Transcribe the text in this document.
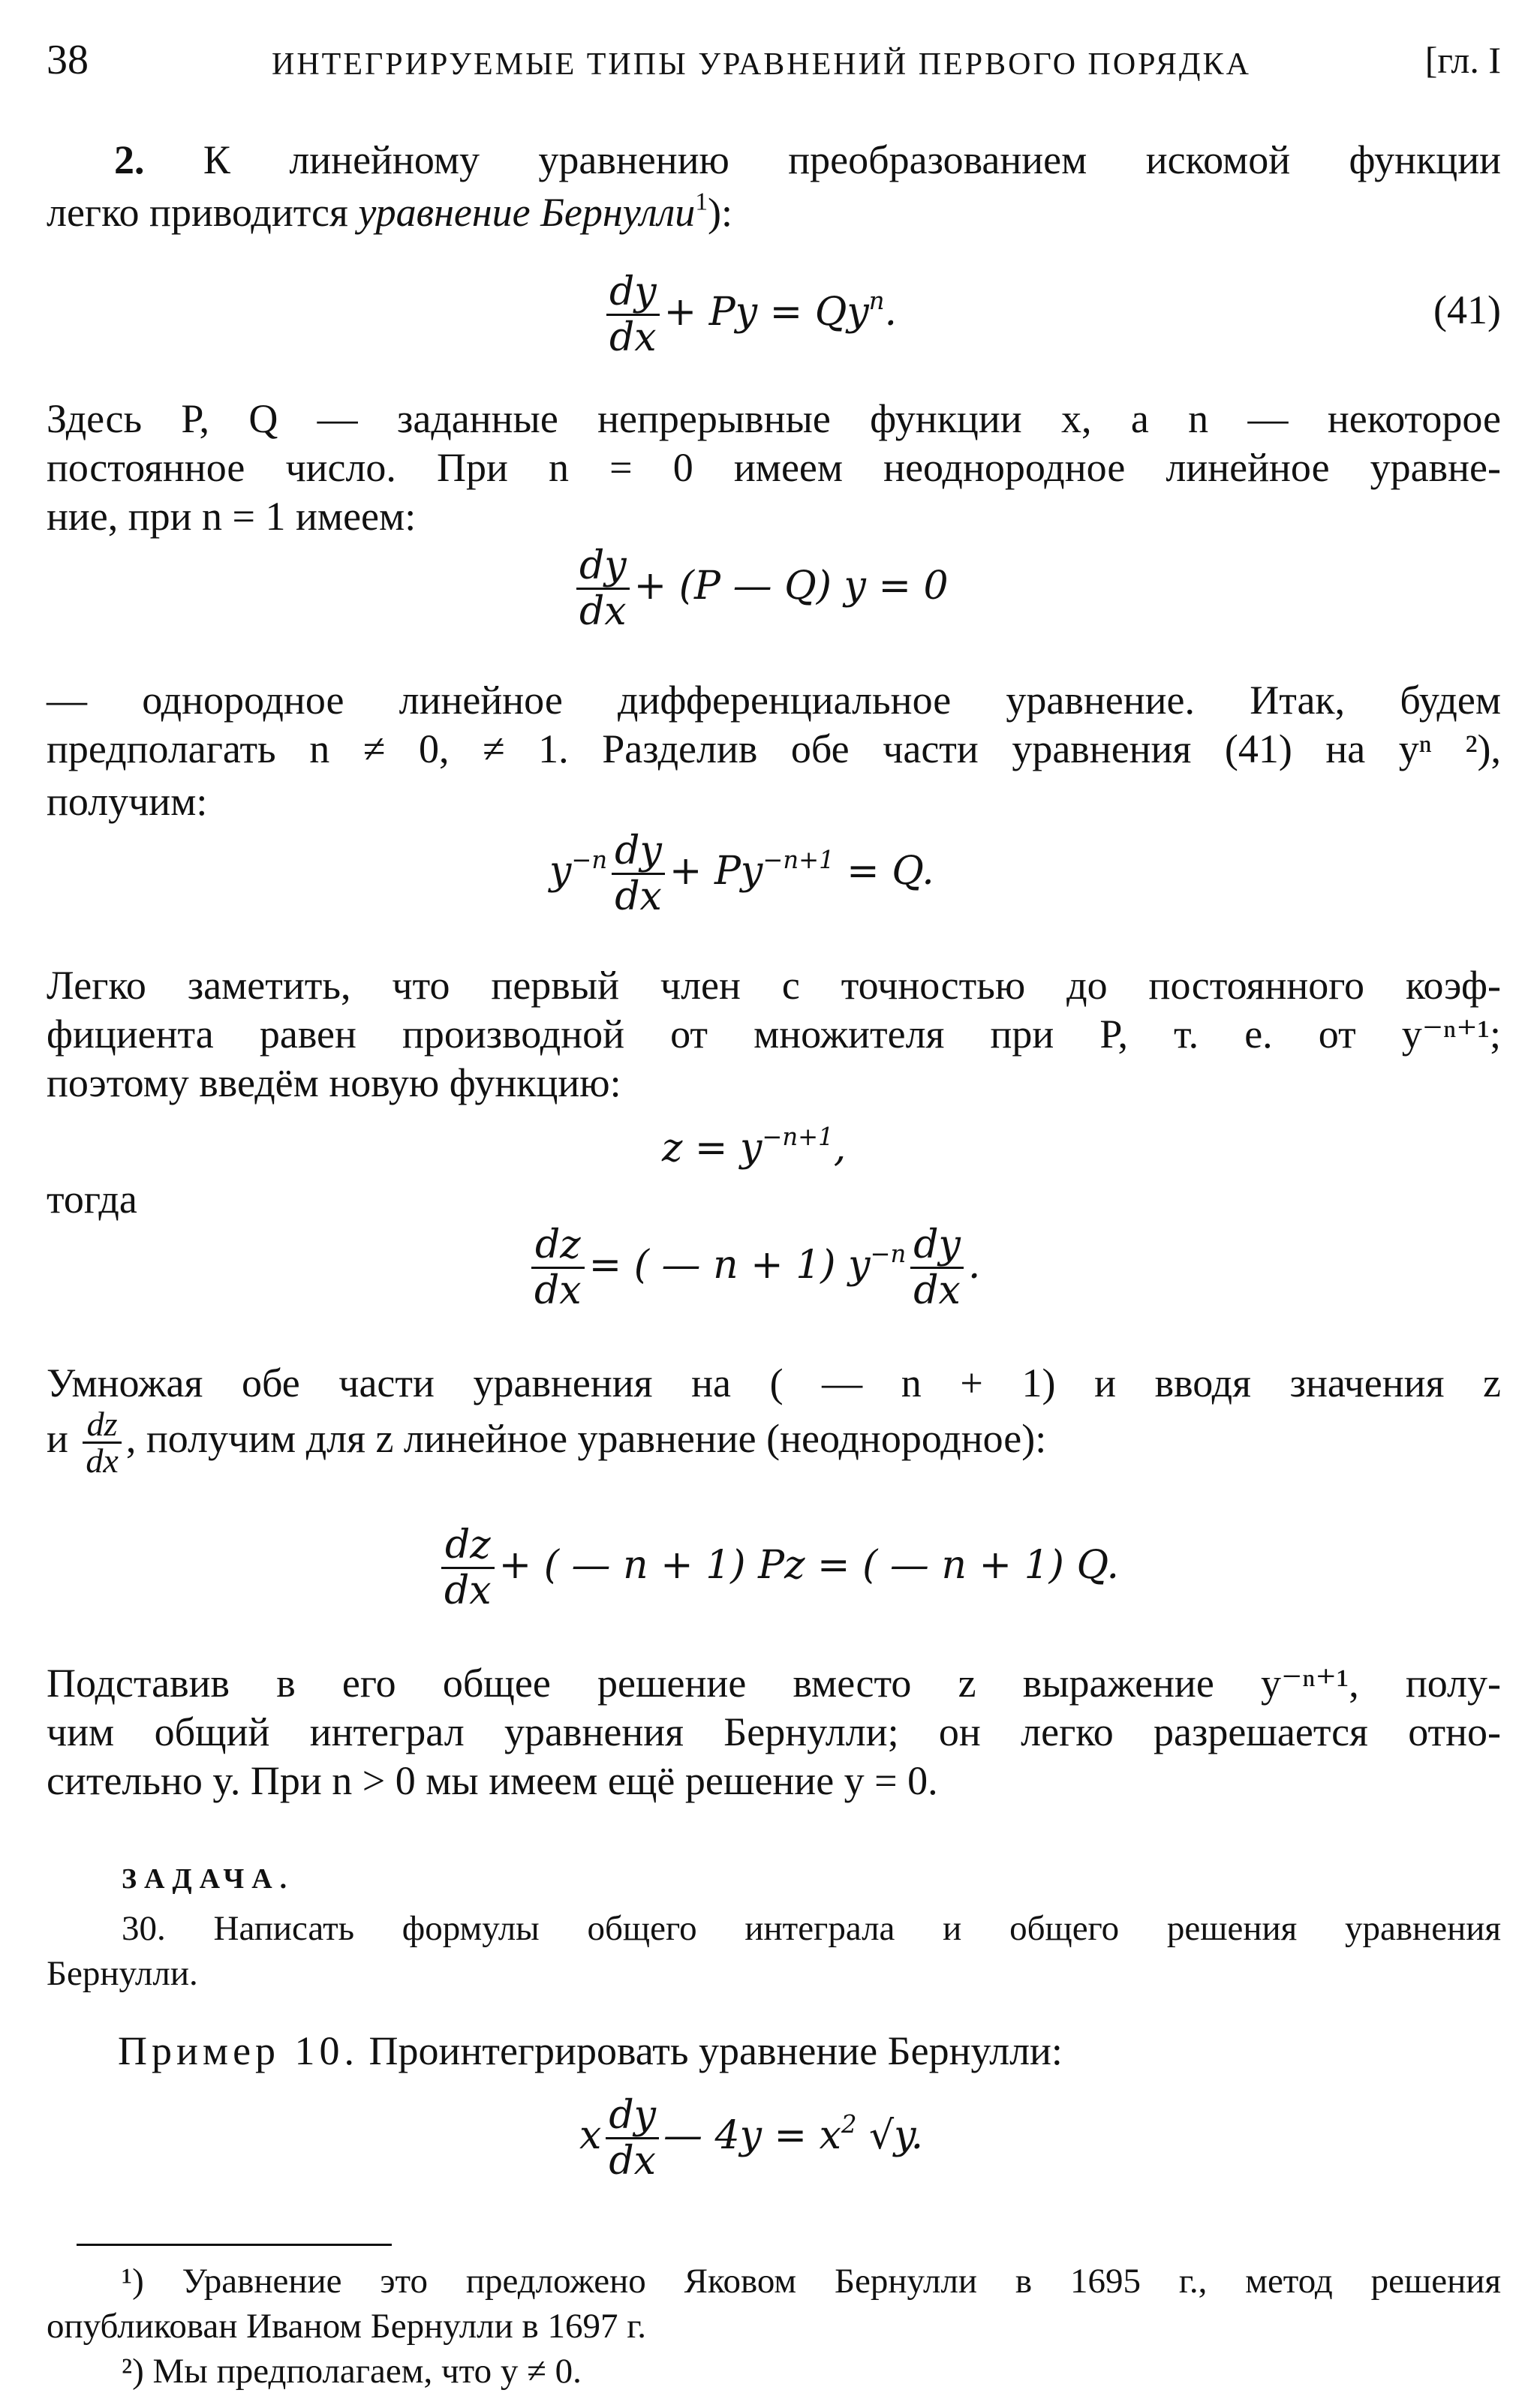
38	ИНТЕГРИРУЕМЫЕ ТИПЫ УРАВНЕНИЙ ПЕРВОГО ПОРЯДКА	[гл. I
2. К линейному уравнению преобразованием искомой функции
легко приводится уравнение Бернулли$^1$):
$\frac{dy}{dx} + Py = Qy^n$.	(41)
Здесь P, Q — заданные непрерывные функции x, а n — некоторое
постоянное число. При n = 0 имеем неоднородное линейное уравне-
ние, при n = 1 имеем:
$\frac{dy}{dx} + (P$ — Q) y = 0
— однородное линейное дифференциальное уравнение. Итак, будем
предполагать n ≠ 0, ≠ 1. Разделив обе части уравнения (41) на yⁿ ²),
получим:
$y^{-n} \frac{dy}{dx} + Py^{-n+1} = Q$.
Легко заметить, что первый член с точностью до постоянного коэф-
фициента равен производной от множителя при P, т. е. от y⁻ⁿ⁺¹;
поэтому введём новую функцию:
$z = y^{-n+1}$,
тогда
$\frac{dz}{dx}$ = ( — n + 1) $y^{-n} \frac{dy}{dx}$ .
Умножая обе части уравнения на ( — n + 1) и вводя значения z
и $\frac{dz}{dx}$ , получим для z линейное уравнение (неоднородное):
$\frac{dz}{dx}$ + ( — n + 1) Pz = ( — n + 1) Q.
Подставив в его общее решение вместо z выражение y⁻ⁿ⁺¹, полу-
чим общий интеграл уравнения Бернулли; он легко разрешается отно-
сительно y. При n > 0 мы имеем ещё решение y = 0.
ЗАДАЧА.
30. Написать формулы общего интеграла и общего решения уравнения
Бернулли.
Пример 10. Проинтегрировать уравнение Бернулли:
x $\frac{dy}{dx}$ — $4y = x^2$ √y.
¹) Уравнение это предложено Яковом Бернулли в 1695 г., метод решения
опубликован Иваном Бернулли в 1697 г.
²) Мы предполагаем, что y ≠ 0.
